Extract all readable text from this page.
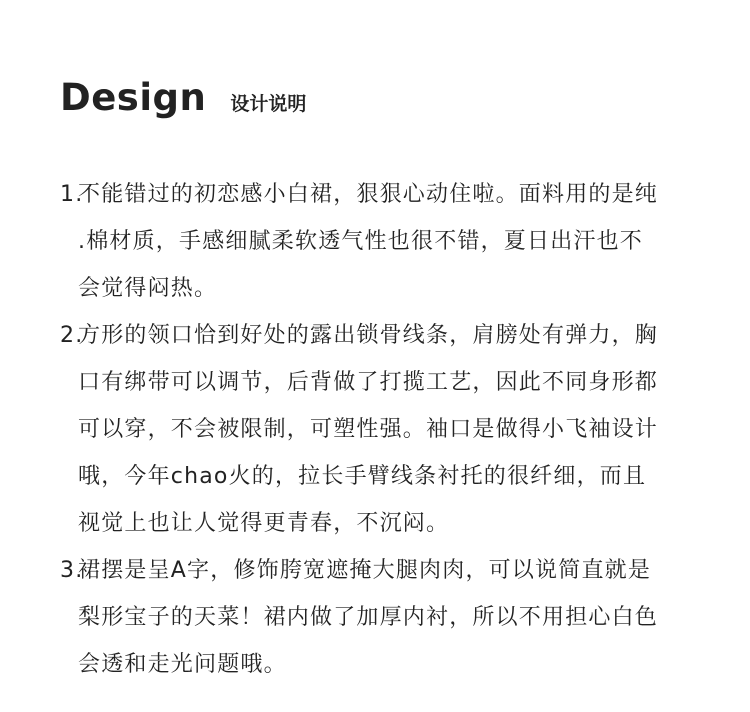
Design 设计说明
1.
不能错过的初恋感小白裙，狠狠心动住啦。面料用的是纯
.棉材质，手感细腻柔软透气性也很不错，夏日出汗也不
会觉得闷热。
2.
方形的领口恰到好处的露出锁骨线条，肩膀处有弹力，胸
口有绑带可以调节，后背做了打揽工艺，因此不同身形都
可以穿，不会被限制，可塑性强。袖口是做得小飞袖设计
哦，今年chao火的，拉长手臂线条衬托的很纤细，而且
视觉上也让人觉得更青春，不沉闷。
3.
裙摆是呈A字，修饰胯宽遮掩大腿肉肉，可以说简直就是
梨形宝子的天菜！裙内做了加厚内衬，所以不用担心白色
会透和走光问题哦。
